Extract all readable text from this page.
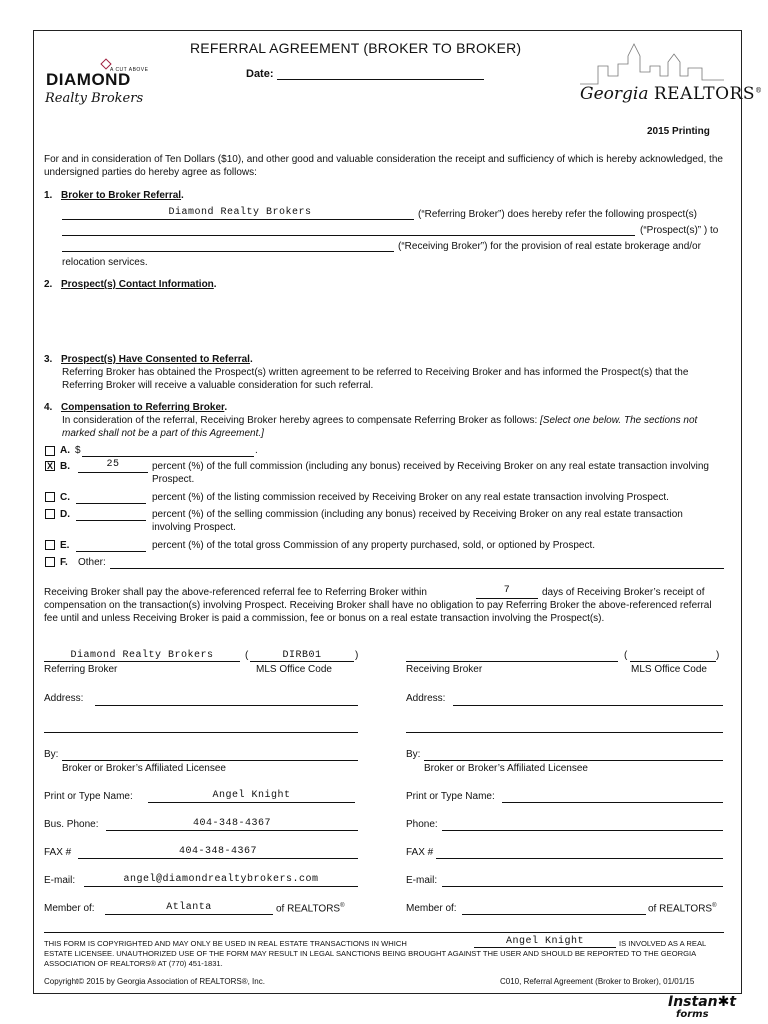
A CUT ABOVE
DIAMOND
Realty Brokers
REFERRAL AGREEMENT (BROKER TO BROKER)
Date:
Georgia REALTORS®
2015 Printing
For and in consideration of Ten Dollars ($10), and other good and valuable consideration the receipt and sufficiency of which is hereby acknowledged, the undersigned parties do hereby agree as follows:
1. Broker to Broker Referral.
Diamond Realty Brokers	(“Referring Broker”) does hereby refer the following prospect(s)
(“Prospect(s)” ) to
(“Receiving Broker”) for the provision of real estate brokerage and/or
relocation services.
2. Prospect(s) Contact Information.
3. Prospect(s) Have Consented to Referral.
Referring Broker has obtained the Prospect(s) written agreement to be referred to Receiving Broker and has informed the Prospect(s) that the Referring Broker will receive a valuable consideration for such referral.
4. Compensation to Referring Broker.
In consideration of the referral, Receiving Broker hereby agrees to compensate Referring Broker as follows: [Select one below. The sections not marked shall not be a part of this Agreement.]
A. $	.
X B.	25	percent (%) of the full commission (including any bonus) received by Receiving Broker on any real estate transaction involving Prospect.
C.	percent (%) of the listing commission received by Receiving Broker on any real estate transaction involving Prospect.
D.	percent (%) of the selling commission (including any bonus) received by Receiving Broker on any real estate transaction involving Prospect.
E.	percent (%) of the total gross Commission of any property purchased, sold, or optioned by Prospect.
F. Other:
Receiving Broker shall pay the above-referenced referral fee to Referring Broker within	7	days of Receiving Broker’s receipt of
compensation on the transaction(s) involving Prospect. Receiving Broker shall have no obligation to pay Referring Broker the above-referenced referral fee until and unless Receiving Broker is paid a commission, fee or bonus on a real estate transaction involving the Prospect(s).
Diamond Realty Brokers	(	DIRB01	)
Referring Broker	MLS Office Code
Address:
By:
Broker or Broker’s Affiliated Licensee
Print or Type Name:	Angel Knight
Bus. Phone:	404-348-4367
FAX #	404-348-4367
E-mail:	angel@diamondrealtybrokers.com
Member of:	Atlanta	of REALTORS®
(	)
Receiving Broker	MLS Office Code
Address:
By:
Broker or Broker’s Affiliated Licensee
Print or Type Name:
Phone:
FAX #
E-mail:
Member of:	of REALTORS®
THIS FORM IS COPYRIGHTED AND MAY ONLY BE USED IN REAL ESTATE TRANSACTIONS IN WHICH	Angel Knight	IS INVOLVED AS A REAL
ESTATE LICENSEE. UNAUTHORIZED USE OF THE FORM MAY RESULT IN LEGAL SANCTIONS BEING BROUGHT AGAINST THE USER AND SHOULD BE REPORTED TO THE GEORGIA ASSOCIATION OF REALTORS® AT (770) 451-1831.
Copyright© 2015 by Georgia Association of REALTORS®, Inc.	C010, Referral Agreement (Broker to Broker), 01/01/15
Instan✱t
forms
